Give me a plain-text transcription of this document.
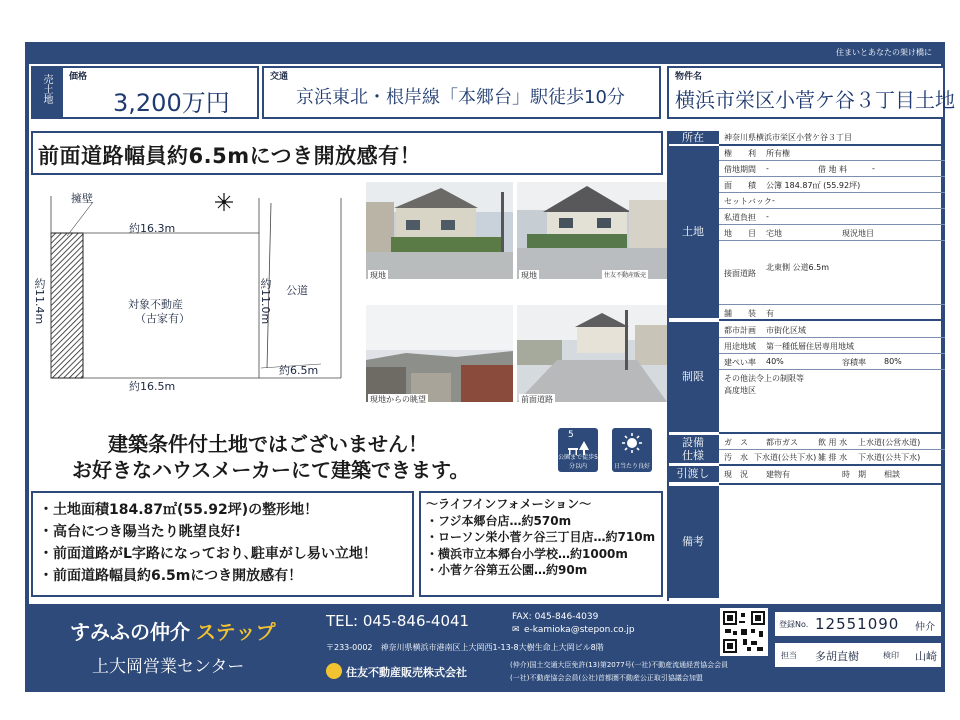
住まいとあなたの架け橋に
売土地	価格
3,200万円
交通
京浜東北・根岸線「本郷台」駅徒歩10分
物件名
横浜市栄区小菅ケ谷３丁目土地
前面道路幅員約6.5mにつき開放感有！
擁壁
約16.3m
約16.5m
約11.4m	約11.0m
対象不動産
（古家有）
公道
約6.5m
現地	現地	住友不動産販売
現地からの眺望	前面道路
建築条件付土地ではございません！
お好きなハウスメーカーにて建築できます。
5
公園まで徒歩5分以内	日当たり良好
・土地面積184.87㎡(55.92坪)の整形地！
・高台につき陽当たり眺望良好!
・前面道路がL字路になっており､駐車がし易い立地！
・前面道路幅員約6.5mにつき開放感有！
〜ライフインフォメーション〜
・フジ本郷台店…約570m
・ローソン栄小菅ケ谷三丁目店…約710m
・横浜市立本郷台小学校…約1000m
・小菅ケ谷第五公園…約90m
所在	神奈川県横浜市栄区小菅ケ谷３丁目
土地
権　　利 所有権
借地期間 -	借 地 料	-
面　　積 公簿 184.87㎡ (55.92坪)
セットバック -
私道負担 -
地　　目 宅地	現況地目
接面道路
北東側 公道6.5m
舗　　装 有
制限
都市計画 市街化区域
用途地域 第一種低層住居専用地域
建ぺい率 40%	容積率 80%
その他法令上の制限等
高度地区
設備
仕様
ガ　ス 都市ガス	飲 用 水 上水道(公営水道)
汚　水 下水道(公共下水) 雑 排 水 下水道(公共下水)
引渡し	現　況 建物有	時　期 相談
備考
すみふの仲介 ステップ
上大岡営業センター
TEL: 045-846-4041	FAX: 045-846-4039
✉ e-kamioka@stepon.co.jp
〒233-0002　神奈川県横浜市港南区上大岡西1-13-8大樹生命上大岡ビル8階
住友不動産販売株式会社
(仲介)国土交通大臣免許(13)第2077号(一社)不動産流通経営協会会員
(一社)不動産協会会員(公社)首都圏不動産公正取引協議会加盟
登録No. 12551090 仲介
担当 多胡直樹	検印 山崎
